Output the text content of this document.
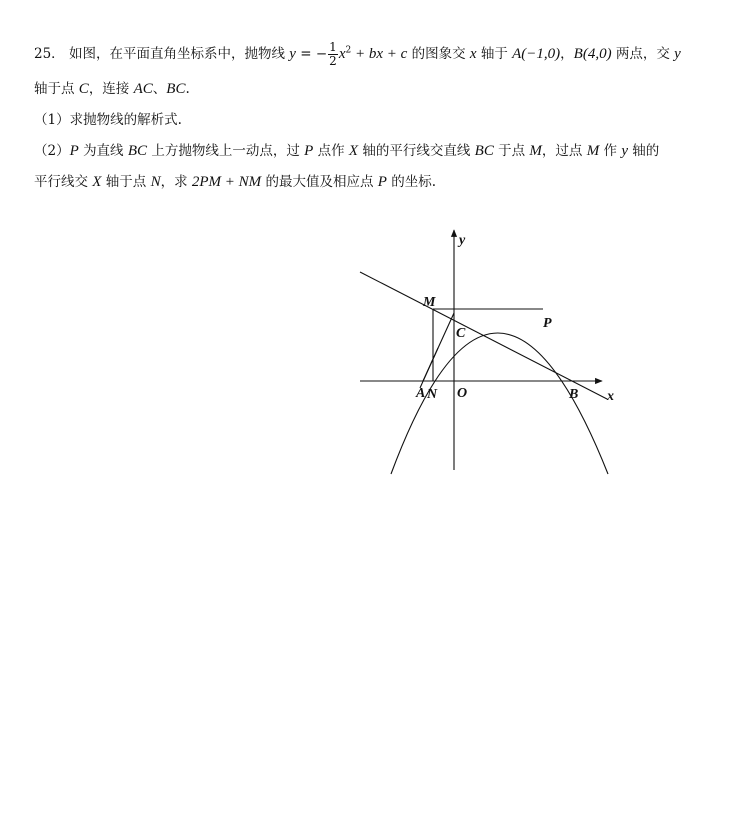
25． 如图，在平面直角坐标系中，抛物线 y = − $\frac{1}{2} x^2$ + bx + c 的图象交 x 轴于 A(−1,0)，B(4,0) 两点，交 y
轴于点 C，连接 AC、BC.
（1）求抛物线的解析式.
（2）P 为直线 BC 上方抛物线上一动点，过 P 点作 X 轴的平行线交直线 BC 于点 M，过点 M 作 y 轴的
平行线交 X 轴于点 N，求 2PM + NM 的最大值及相应点 P 的坐标.
y
x
M
C
P
A N O	B
